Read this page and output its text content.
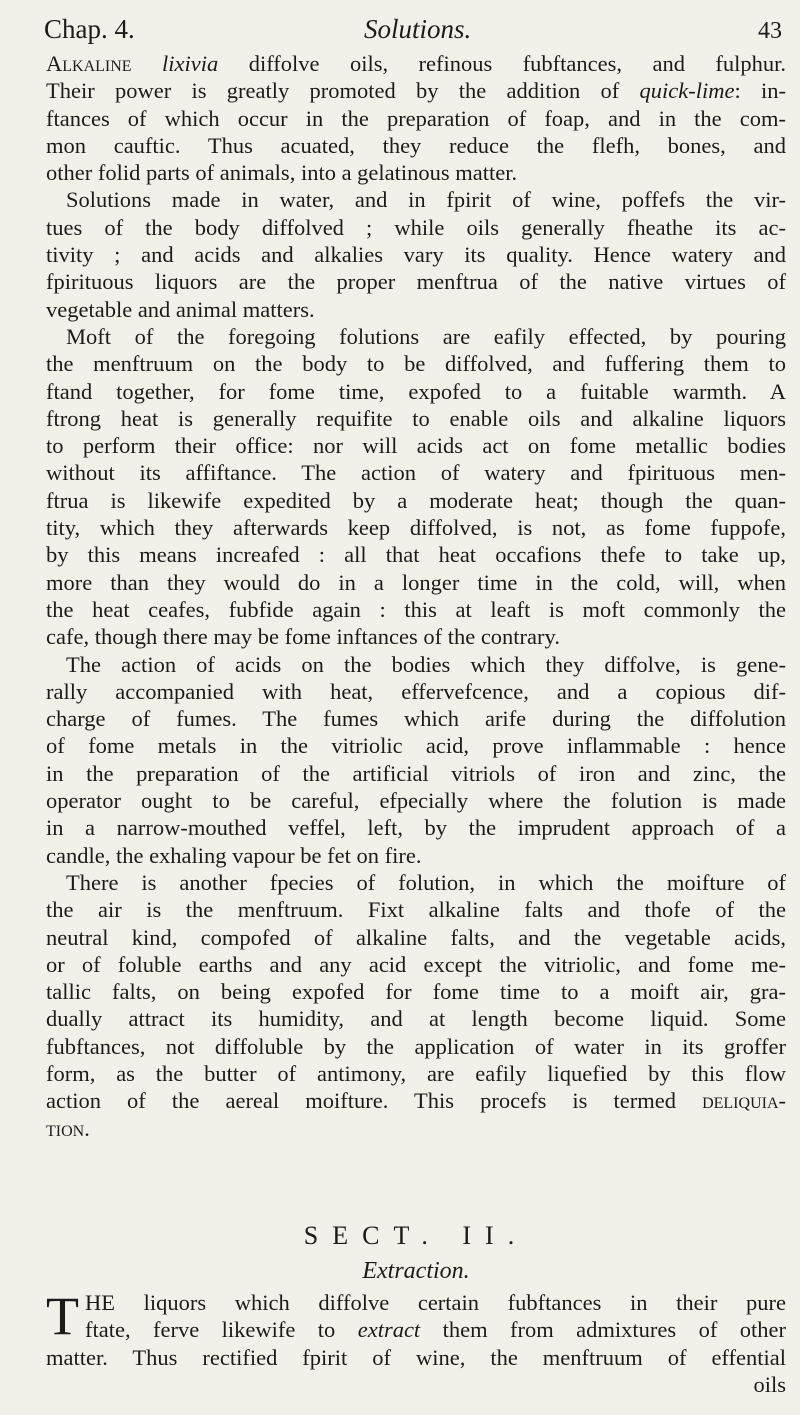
Chap. 4.	Solutions.	43
Alkaline lixivia diffolve oils, refinous fubftances, and fulphur.
Their power is greatly promoted by the addition of quick-lime: in-
ftances of which occur in the preparation of foap, and in the com-
mon cauftic. Thus acuated, they reduce the flefh, bones, and
other folid parts of animals, into a gelatinous matter.
Solutions made in water, and in fpirit of wine, poffefs the vir-
tues of the body diffolved ; while oils generally fheathe its ac-
tivity ; and acids and alkalies vary its quality. Hence watery and
fpirituous liquors are the proper menftrua of the native virtues of
vegetable and animal matters.
Moft of the foregoing folutions are eafily effected, by pouring
the menftruum on the body to be diffolved, and fuffering them to
ftand together, for fome time, expofed to a fuitable warmth. A
ftrong heat is generally requifite to enable oils and alkaline liquors
to perform their office: nor will acids act on fome metallic bodies
without its affiftance. The action of watery and fpirituous men-
ftrua is likewife expedited by a moderate heat; though the quan-
tity, which they afterwards keep diffolved, is not, as fome fuppofe,
by this means increafed : all that heat occafions thefe to take up,
more than they would do in a longer time in the cold, will, when
the heat ceafes, fubfide again : this at leaft is moft commonly the
cafe, though there may be fome inftances of the contrary.
The action of acids on the bodies which they diffolve, is gene-
rally accompanied with heat, effervefcence, and a copious dif-
charge of fumes. The fumes which arife during the diffolution
of fome metals in the vitriolic acid, prove inflammable : hence
in the preparation of the artificial vitriols of iron and zinc, the
operator ought to be careful, efpecially where the folution is made
in a narrow-mouthed veffel, left, by the imprudent approach of a
candle, the exhaling vapour be fet on fire.
There is another fpecies of folution, in which the moifture of
the air is the menftruum. Fixt alkaline falts and thofe of the
neutral kind, compofed of alkaline falts, and the vegetable acids,
or of foluble earths and any acid except the vitriolic, and fome me-
tallic falts, on being expofed for fome time to a moift air, gra-
dually attract its humidity, and at length become liquid. Some
fubftances, not diffoluble by the application of water in its groffer
form, as the butter of antimony, are eafily liquefied by this flow
action of the aereal moifture. This procefs is termed deliquia-
tion.
SECT. II.
Extraction.
T HE liquors which diffolve certain fubftances in their pure
ftate, ferve likewife to extract them from admixtures of other
matter. Thus rectified fpirit of wine, the menftruum of effential
oils
